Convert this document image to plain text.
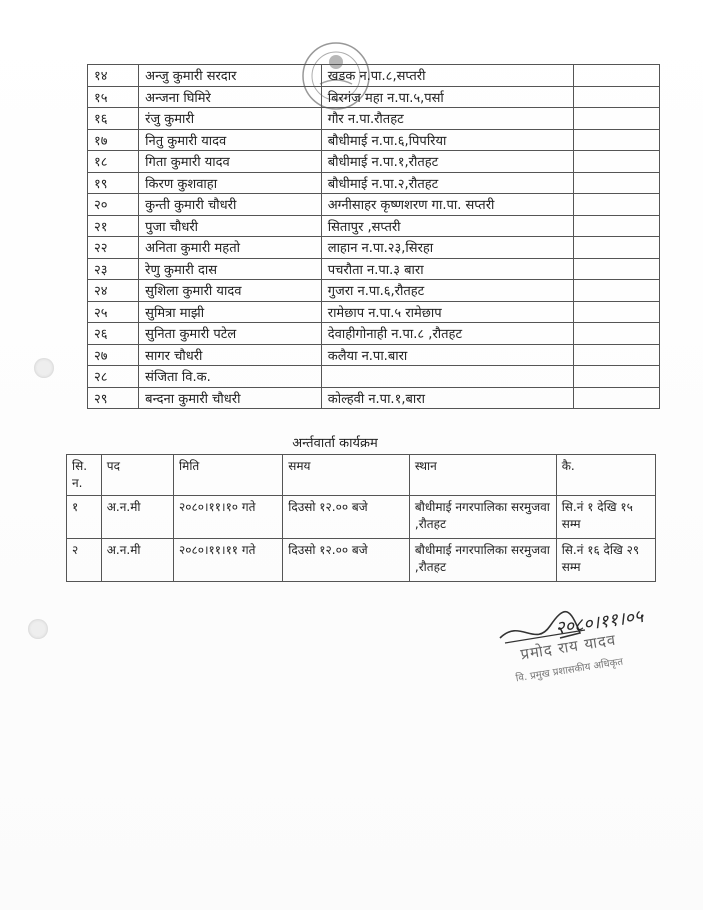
१४	अन्जु कुमारी सरदार	खडक न.पा.८,सप्तरी	
१५	अन्जना घिमिरे	बिरगंज महा न.पा.५,पर्सा	
१६	रंजु कुमारी	गौर न.पा.रौतहट	
१७	नितु कुमारी यादव	बौधीमाई न.पा.६,पिपरिया	
१८	गिता कुमारी यादव	बौधीमाई न.पा.१,रौतहट	
१९	किरण कुशवाहा	बौधीमाई न.पा.२,रौतहट	
२०	कुन्ती कुमारी चौधरी	अग्नीसाहर कृष्णशरण गा.पा. सप्तरी	
२१	पुजा चौधरी	सितापुर ,सप्तरी	
२२	अनिता कुमारी महतो	लाहान न.पा.२३,सिरहा	
२३	रेणु कुमारी दास	पचरौता न.पा.३ बारा	
२४	सुशिला कुमारी यादव	गुजरा न.पा.६,रौतहट	
२५	सुमित्रा माझी	रामेछाप न.पा.५ रामेछाप	
२६	सुनिता कुमारी पटेल	देवाहीगोनाही न.पा.८ ,रौतहट	
२७	सागर चौधरी	कलैया न.पा.बारा	
२८	संजिता वि.क.		
२९	बन्दना कुमारी चौधरी	कोल्हवी न.पा.१,बारा	
अर्न्तवार्ता कार्यक्रम
सि. न.	पद	मिति	समय	स्थान	कै.
१	अ.न.मी	२०८०।११।१० गते	दिउसो १२.०० बजे	बौधीमाई नगरपालिका सरमुजवा ,रौतहट	सि.नं १ देखि १५ सम्म
२	अ.न.मी	२०८०।११।११ गते	दिउसो १२.०० बजे	बौधीमाई नगरपालिका सरमुजवा ,रौतहट	सि.नं १६ देखि २९ सम्म
२०८०।११।०५
प्रमोद राय यादव
वि. प्रमुख प्रशासकीय अधिकृत
